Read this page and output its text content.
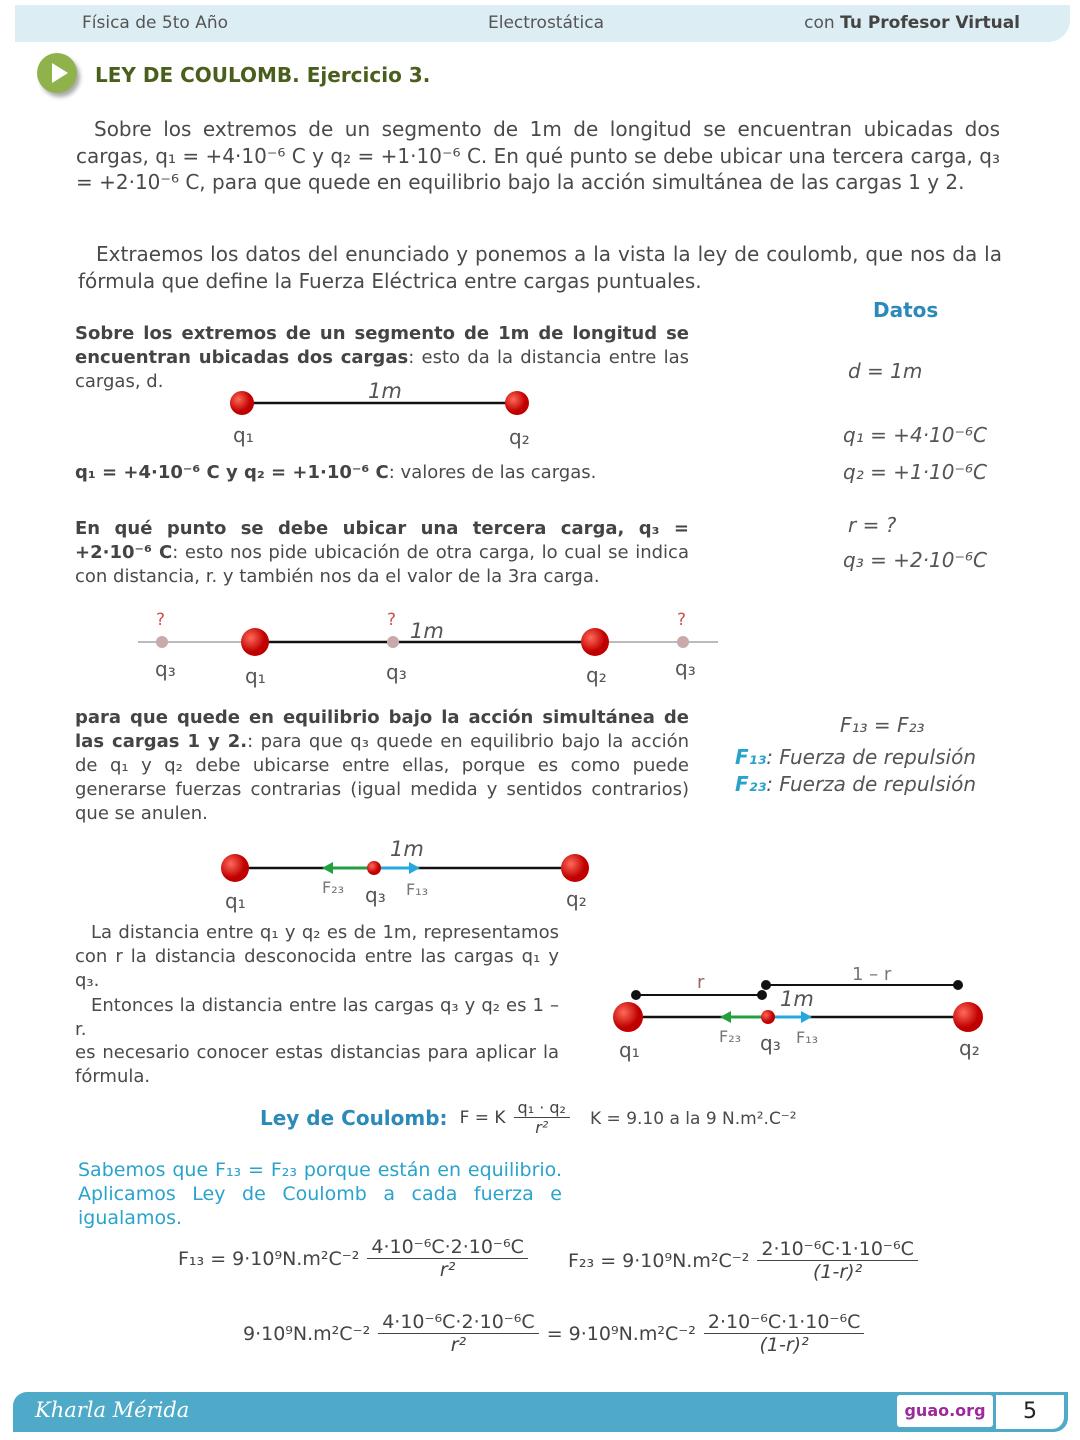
Física de 5to Año	Electrostática	con Tu Profesor Virtual
LEY DE COULOMB. Ejercicio 3.
Sobre los extremos de un segmento de 1m de longitud se encuentran ubicadas dos cargas, q₁ = +4·10⁻⁶ C y q₂ = +1·10⁻⁶ C. En qué punto se debe ubicar una tercera carga, q₃ = +2·10⁻⁶ C, para que quede en equilibrio bajo la acción simultánea de las cargas 1 y 2.
Extraemos los datos del enunciado y ponemos a la vista la ley de coulomb, que nos da la fórmula que define la Fuerza Eléctrica entre cargas puntuales.
Datos
d = 1m
q₁ = +4·10⁻⁶C
q₂ = +1·10⁻⁶C
r = ?
q₃ = +2·10⁻⁶C
F₁₃ = F₂₃
F₁₃: Fuerza de repulsión
F₂₃: Fuerza de repulsión
Sobre los extremos de un segmento de 1m de longitud se encuentran ubicadas dos cargas: esto da la distancia entre las cargas, d.
q₁ = +4·10⁻⁶ C y q₂ = +1·10⁻⁶ C: valores de las cargas.
En qué punto se debe ubicar una tercera carga, q₃ = +2·10⁻⁶ C: esto nos pide ubicación de otra carga, lo cual se indica con distancia, r. y también nos da el valor de la 3ra carga.
para que quede en equilibrio bajo la acción simultánea de las cargas 1 y 2.: para que q₃ quede en equilibrio bajo la acción de q₁ y q₂ debe ubicarse entre ellas, porque es como puede generarse fuerzas contrarias (igual medida y sentidos contrarios) que se anulen.
1m
q₁	q₂
?	?	?
1m
q₃	q₁	q₃	q₂	q₃
1m
F₂₃	F₁₃
q₃
q₁	q₂
r	1 – r
1m
F₂₃	F₁₃
q₃
q₁	q₂
La distancia entre q₁ y q₂ es de 1m, representamos con r la distancia desconocida entre las cargas q₁ y q₃.
Entonces la distancia entre las cargas q₃ y q₂ es 1 – r.
es necesario conocer estas distancias para aplicar la fórmula.
Ley de Coulomb: F = K $\frac{\text{q₁ · q₂}}{\text{r²}}$ K = 9.10 a la 9 N.m².C⁻²
Sabemos que F₁₃ = F₂₃ porque están en equilibrio. Aplicamos Ley de Coulomb a cada fuerza e igualamos.
$F_{13} = 9\cdot 10^9N.m^2C^{-2} \frac{\text{4·10⁻⁶C·2·10⁻⁶C}}{\text{r²}} F_{23} = 9\cdot 10^9N.m^2C^{-2} \frac{\text{2·10⁻⁶C·1·10⁻⁶C}}{\text{(1-r)²}}$
$9\cdot 10^9N.m^2C^{-2} \frac{\text{4·10⁻⁶C·2·10⁻⁶C}}{\text{r²}} = 9\cdot 10^9N.m^2C^{-2} \frac{\text{2·10⁻⁶C·1·10⁻⁶C}}{\text{(1-r)²}}$
Kharla Mérida	guao.org	5
